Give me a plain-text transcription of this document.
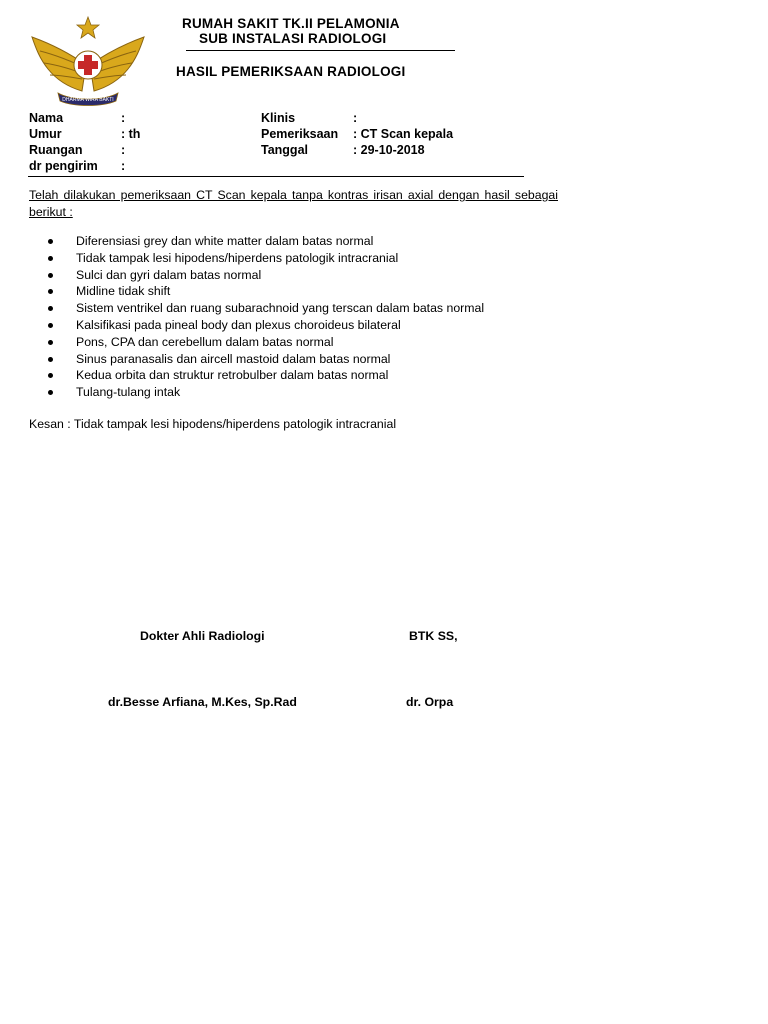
DHARMA WIRA BAKTI
RUMAH SAKIT TK.II PELAMONIA
SUB INSTALASI RADIOLOGI
HASIL PEMERIKSAAN RADIOLOGI
Nama	:
Umur	: th
Ruangan	:
dr pengirim :
Klinis	:
Pemeriksaan : CT Scan kepala
Tanggal	: 29-10-2018
Telah dilakukan pemeriksaan CT Scan kepala tanpa kontras irisan axial dengan hasil sebagai berikut :
Diferensiasi grey dan white matter dalam batas normal
Tidak tampak lesi hipodens/hiperdens patologik intracranial
Sulci dan gyri dalam batas normal
Midline tidak shift
Sistem ventrikel dan ruang subarachnoid yang terscan dalam batas normal
Kalsifikasi pada pineal body dan plexus choroideus bilateral
Pons, CPA dan cerebellum dalam batas normal
Sinus paranasalis dan aircell mastoid dalam batas normal
Kedua orbita dan struktur retrobulber dalam batas normal
Tulang-tulang intak
Kesan : Tidak tampak lesi hipodens/hiperdens patologik intracranial
Dokter Ahli Radiologi	BTK SS,
dr.Besse Arfiana, M.Kes, Sp.Rad	dr. Orpa
